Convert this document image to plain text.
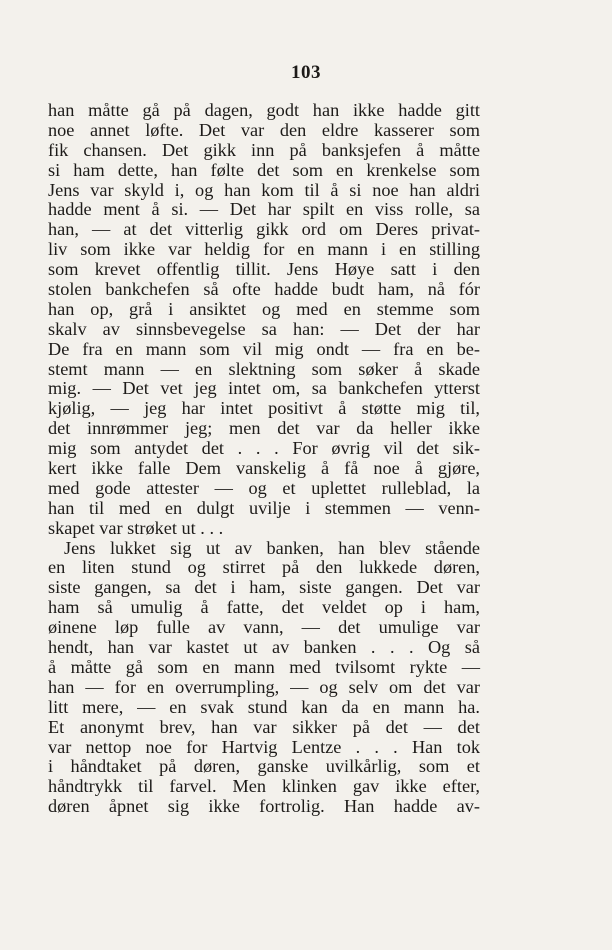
103
han måtte gå på dagen, godt han ikke hadde gitt
noe annet løfte. Det var den eldre kasserer som
fik chansen. Det gikk inn på banksjefen å måtte
si ham dette, han følte det som en krenkelse som
Jens var skyld i, og han kom til å si noe han aldri
hadde ment å si. — Det har spilt en viss rolle, sa
han, — at det vitterlig gikk ord om Deres privat-
liv som ikke var heldig for en mann i en stilling
som krevet offentlig tillit. Jens Høye satt i den
stolen bankchefen så ofte hadde budt ham, nå fór
han op, grå i ansiktet og med en stemme som
skalv av sinnsbevegelse sa han: — Det der har
De fra en mann som vil mig ondt — fra en be-
stemt mann — en slektning som søker å skade
mig. — Det vet jeg intet om, sa bankchefen ytterst
kjølig, — jeg har intet positivt å støtte mig til,
det innrømmer jeg; men det var da heller ikke
mig som antydet det . . . For øvrig vil det sik-
kert ikke falle Dem vanskelig å få noe å gjøre,
med gode attester — og et uplettet rulleblad, la
han til med en dulgt uvilje i stemmen — venn-
skapet var strøket ut . . .
Jens lukket sig ut av banken, han blev stående
en liten stund og stirret på den lukkede døren,
siste gangen, sa det i ham, siste gangen. Det var
ham så umulig å fatte, det veldet op i ham,
øinene løp fulle av vann, — det umulige var
hendt, han var kastet ut av banken . . . Og så
å måtte gå som en mann med tvilsomt rykte —
han — for en overrumpling, — og selv om det var
litt mere, — en svak stund kan da en mann ha.
Et anonymt brev, han var sikker på det — det
var nettop noe for Hartvig Lentze . . . Han tok
i håndtaket på døren, ganske uvilkårlig, som et
håndtrykk til farvel. Men klinken gav ikke efter,
døren åpnet sig ikke fortrolig. Han hadde av-
